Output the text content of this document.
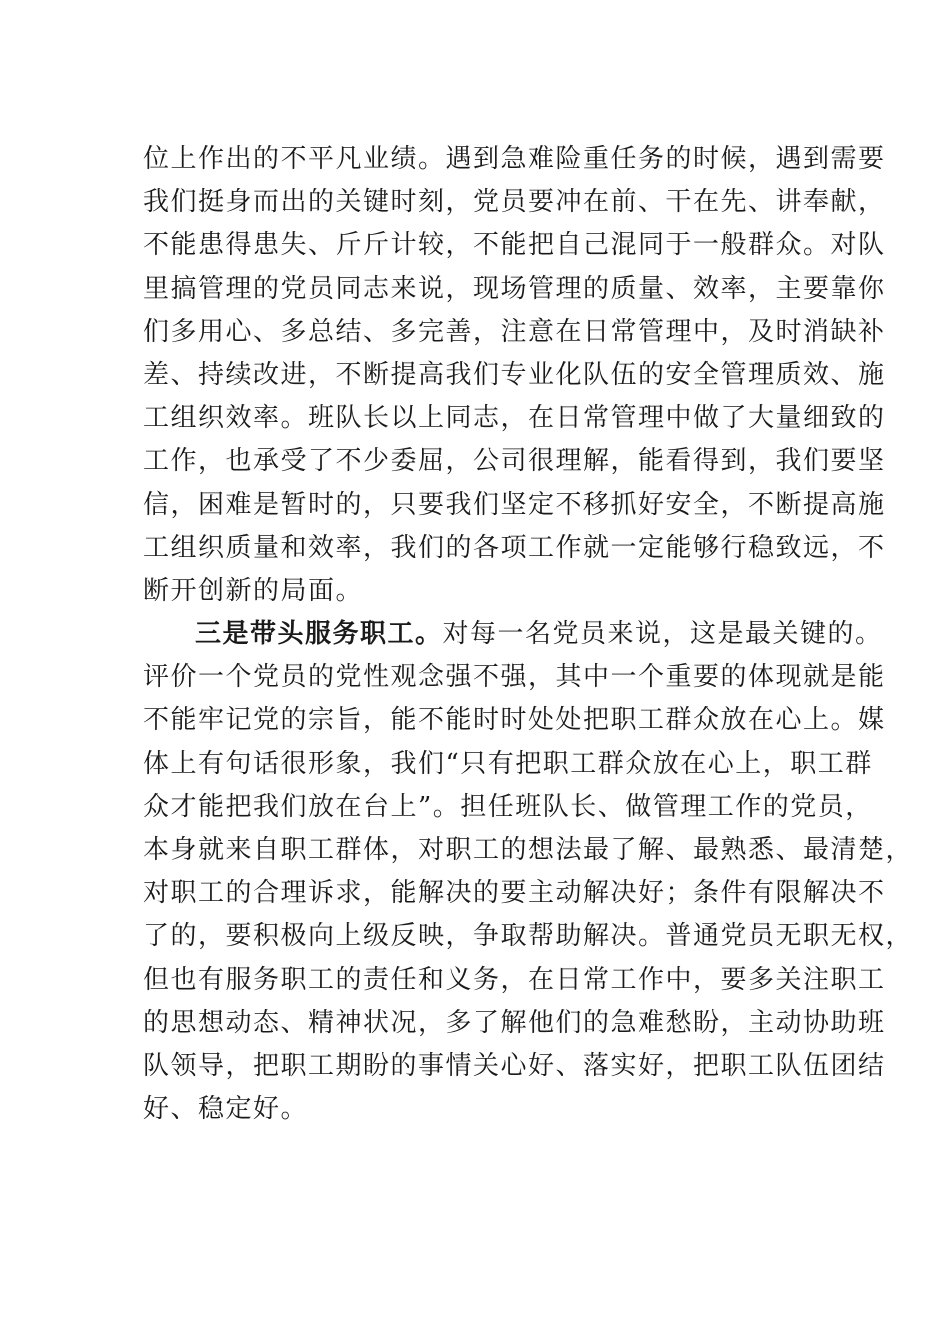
位上作出的不平凡业绩。遇到急难险重任务的时候，遇到需要
我们挺身而出的关键时刻，党员要冲在前、干在先、讲奉献，
不能患得患失、斤斤计较，不能把自己混同于一般群众。对队
里搞管理的党员同志来说，现场管理的质量、效率，主要靠你
们多用心、多总结、多完善，注意在日常管理中，及时消缺补
差、持续改进，不断提高我们专业化队伍的安全管理质效、施
工组织效率。班队长以上同志，在日常管理中做了大量细致的
工作，也承受了不少委屈，公司很理解，能看得到，我们要坚
信，困难是暂时的，只要我们坚定不移抓好安全，不断提高施
工组织质量和效率，我们的各项工作就一定能够行稳致远，不
断开创新的局面。
三是带头服务职工。对每一名党员来说，这是最关键的。
评价一个党员的党性观念强不强，其中一个重要的体现就是能
不能牢记党的宗旨，能不能时时处处把职工群众放在心上。媒
体上有句话很形象，我们“只有把职工群众放在心上，职工群
众才能把我们放在台上”。担任班队长、做管理工作的党员，
本身就来自职工群体，对职工的想法最了解、最熟悉、最清楚，
对职工的合理诉求，能解决的要主动解决好；条件有限解决不
了的，要积极向上级反映，争取帮助解决。普通党员无职无权，
但也有服务职工的责任和义务，在日常工作中，要多关注职工
的思想动态、精神状况，多了解他们的急难愁盼，主动协助班
队领导，把职工期盼的事情关心好、落实好，把职工队伍团结
好、稳定好。
